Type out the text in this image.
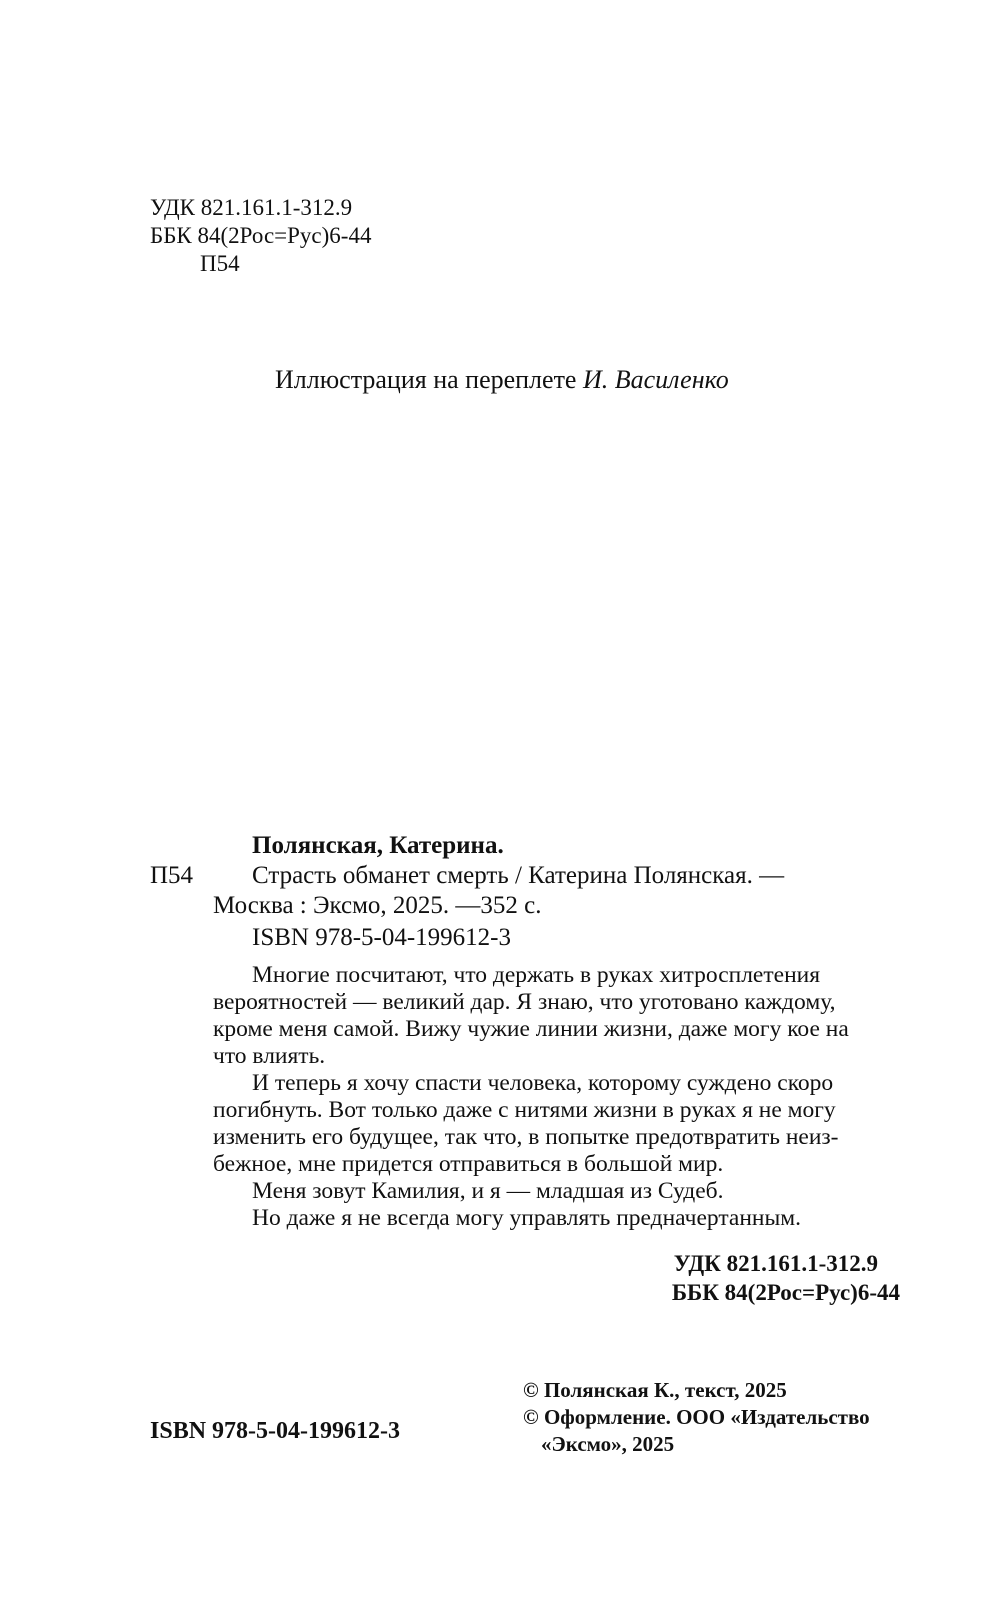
УДК 821.161.1-312.9
ББК 84(2Рос=Рус)6-44
П54
Иллюстрация на переплете И. Василенко
Полянская, Катерина.
П54 Страсть обманет смерть / Катерина Полянская. —
Москва : Эксмо, 2025. —352 с.
ISBN 978-5-04-199612-3
Многие посчитают, что держать в руках хитросплетения
вероятностей — великий дар. Я знаю, что уготовано каждому,
кроме меня самой. Вижу чужие линии жизни, даже могу кое на
что влиять.
И теперь я хочу спасти человека, которому суждено скоро
погибнуть. Вот только даже с нитями жизни в руках я не могу
изменить его будущее, так что, в попытке предотвратить неиз-
бежное, мне придется отправиться в большой мир.
Меня зовут Камилия, и я — младшая из Судеб.
Но даже я не всегда могу управлять предначертанным.
УДК 821.161.1-312.9
ББК 84(2Рос=Рус)6-44
ISBN 978-5-04-199612-3
© Полянская К., текст, 2025
© Оформление. ООО «Издательство
«Эксмо», 2025
